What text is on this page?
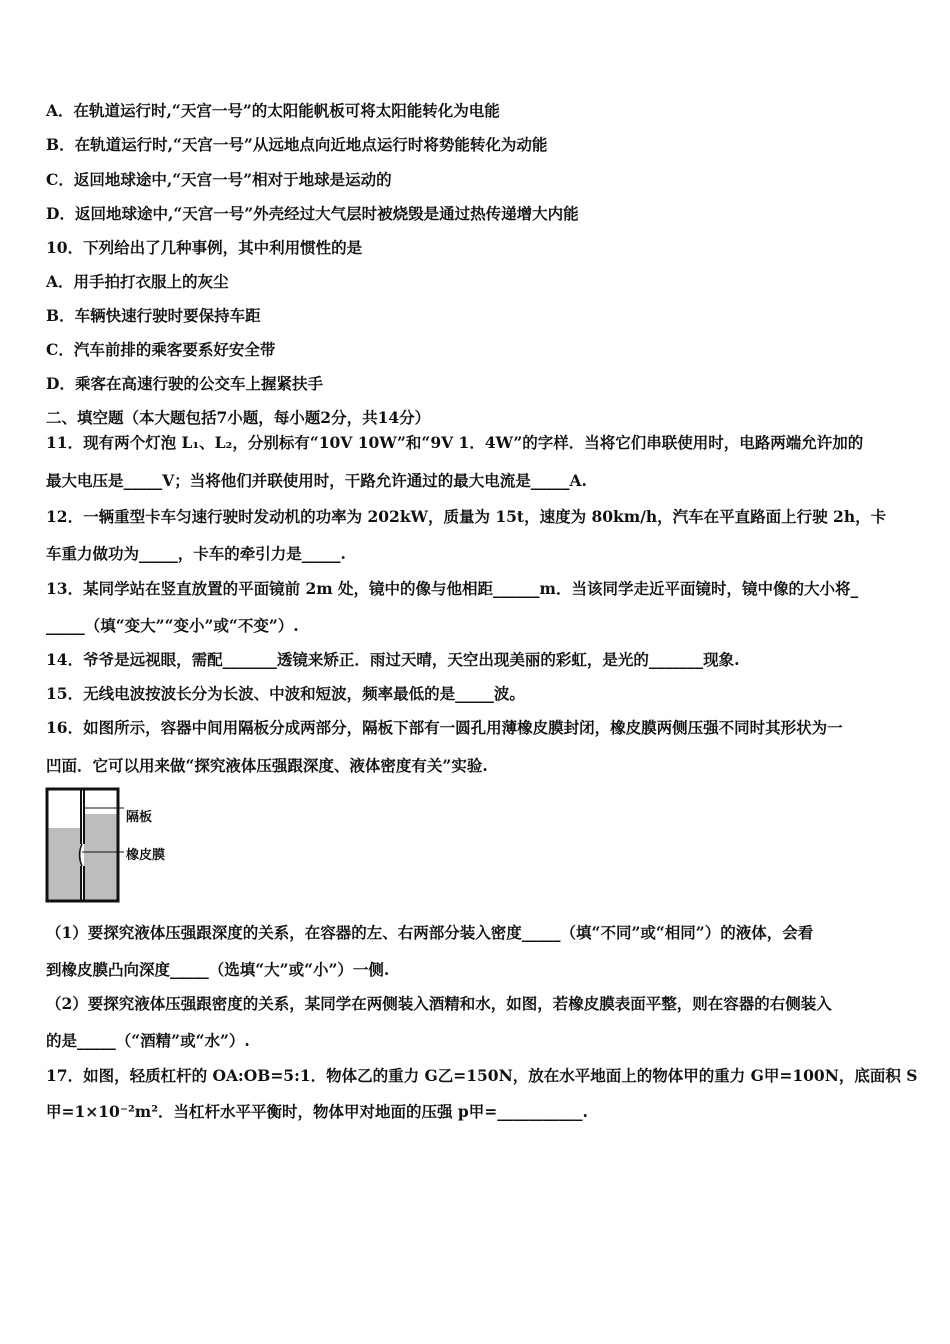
A．在轨道运行时,“天宫一号”的太阳能帆板可将太阳能转化为电能
B．在轨道运行时,“天宫一号”从远地点向近地点运行时将势能转化为动能
C．返回地球途中,“天宫一号”相对于地球是运动的
D．返回地球途中,“天宫一号”外壳经过大气层时被烧毁是通过热传递增大内能
10．下列给出了几种事例，其中利用惯性的是
A．用手拍打衣服上的灰尘
B．车辆快速行驶时要保持车距
C．汽车前排的乘客要系好安全带
D．乘客在高速行驶的公交车上握紧扶手
二、填空题（本大题包括7小题，每小题2分，共14分）
11．现有两个灯泡 L₁、L₂，分别标有“10V 10W”和“9V 1．4W”的字样．当将它们串联使用时，电路两端允许加的
最大电压是_____V；当将他们并联使用时，干路允许通过的最大电流是_____A.
12．一辆重型卡车匀速行驶时发动机的功率为 202kW，质量为 15t，速度为 80km/h，汽车在平直路面上行驶 2h，卡
车重力做功为_____，卡车的牵引力是_____.
13．某同学站在竖直放置的平面镜前 2m 处，镜中的像与他相距______m．当该同学走近平面镜时，镜中像的大小将_
_____（填“变大”“变小”或“不变”）.
14．爷爷是远视眼，需配_______透镜来矫正．雨过天晴，天空出现美丽的彩虹，是光的_______现象.
15．无线电波按波长分为长波、中波和短波，频率最低的是_____波。
16．如图所示，容器中间用隔板分成两部分，隔板下部有一圆孔用薄橡皮膜封闭，橡皮膜两侧压强不同时其形状为一
凹面．它可以用来做“探究液体压强跟深度、液体密度有关”实验.
（1）要探究液体压强跟深度的关系，在容器的左、右两部分装入密度_____（填“不同”或“相同”）的液体，会看
到橡皮膜凸向深度_____（选填“大”或“小”）一侧.
（2）要探究液体压强跟密度的关系，某同学在两侧装入酒精和水，如图，若橡皮膜表面平整，则在容器的右侧装入
的是_____（“酒精”或“水”）.
17．如图，轻质杠杆的 OA:OB=5:1．物体乙的重力 G乙=150N，放在水平地面上的物体甲的重力 G甲=100N，底面积 S
甲=1×10⁻²m²．当杠杆水平平衡时，物体甲对地面的压强 p甲=___________.
隔板
橡皮膜
